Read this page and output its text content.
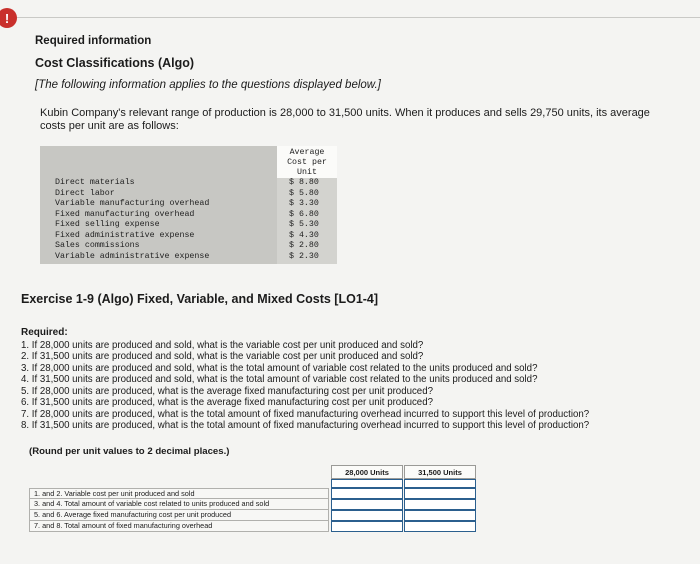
!
Required information
Cost Classifications (Algo)
[The following information applies to the questions displayed below.]
Kubin Company's relevant range of production is 28,000 to 31,500 units. When it produces and sells 29,750 units, its average costs per unit are as follows:
Average
Cost per
Unit
Direct materials	$ 8.80
Direct labor	$ 5.80
Variable manufacturing overhead	$ 3.30
Fixed manufacturing overhead	$ 6.80
Fixed selling expense	$ 5.30
Fixed administrative expense	$ 4.30
Sales commissions	$ 2.80
Variable administrative expense	$ 2.30
Exercise 1-9 (Algo) Fixed, Variable, and Mixed Costs [LO1-4]
Required:
1. If 28,000 units are produced and sold, what is the variable cost per unit produced and sold?
2. If 31,500 units are produced and sold, what is the variable cost per unit produced and sold?
3. If 28,000 units are produced and sold, what is the total amount of variable cost related to the units produced and sold?
4. If 31,500 units are produced and sold, what is the total amount of variable cost related to the units produced and sold?
5. If 28,000 units are produced, what is the average fixed manufacturing cost per unit produced?
6. If 31,500 units are produced, what is the average fixed manufacturing cost per unit produced?
7. If 28,000 units are produced, what is the total amount of fixed manufacturing overhead incurred to support this level of production?
8. If 31,500 units are produced, what is the total amount of fixed manufacturing overhead incurred to support this level of production?
(Round per unit values to 2 decimal places.)
28,000 Units	31,500 Units
1. and 2. Variable cost per unit produced and sold
3. and 4. Total amount of variable cost related to units produced and sold
5. and 6. Average fixed manufacturing cost per unit produced
7. and 8. Total amount of fixed manufacturing overhead
